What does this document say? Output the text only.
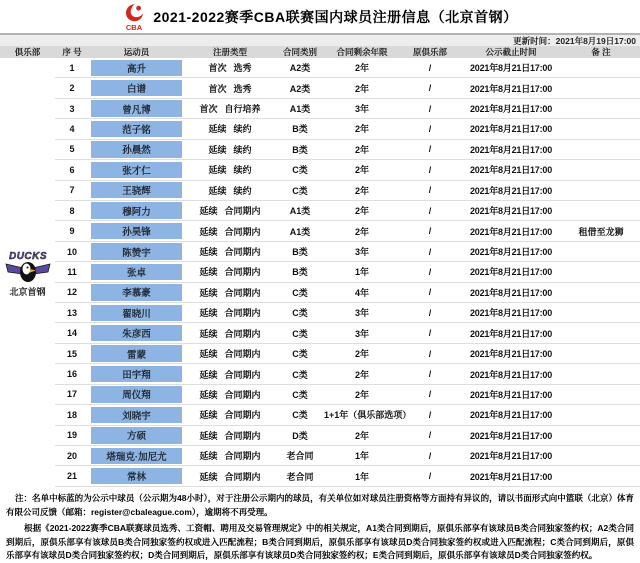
CBA
2021-2022赛季CBA联赛国内球员注册信息（北京首钢）
更新时间：2021年8月19日17:00
俱乐部	序 号	运动员	注册类型	合同类别	合同剩余年限	原俱乐部	公示截止时间	备 注
DUCKS
北京首钢
1	高升	首次 选秀	A2类	2年	/	2021年8月21日17:00
2	白谱	首次 选秀	A2类	2年	/	2021年8月21日17:00
3	曾凡博	首次 自行培养	A1类	3年	/	2021年8月21日17:00
4	范子铭	延续 续约	B类	2年	/	2021年8月21日17:00
5	孙晨然	延续 续约	B类	2年	/	2021年8月21日17:00
6	张才仁	延续 续约	C类	2年	/	2021年8月21日17:00
7	王骁辉	延续 续约	C类	2年	/	2021年8月21日17:00
8	穆阿力	延续 合同期内	A1类	2年	/	2021年8月21日17:00
9	孙昊锋	延续 合同期内	A1类	2年	/	2021年8月21日17:00	租借至龙狮
10	陈赞宇	延续 合同期内	B类	3年	/	2021年8月21日17:00
11	张卓	延续 合同期内	B类	1年	/	2021年8月21日17:00
12	李慕豪	延续 合同期内	C类	4年	/	2021年8月21日17:00
13	翟晓川	延续 合同期内	C类	3年	/	2021年8月21日17:00
14	朱彦西	延续 合同期内	C类	3年	/	2021年8月21日17:00
15	雷蒙	延续 合同期内	C类	2年	/	2021年8月21日17:00
16	田宇翔	延续 合同期内	C类	2年	/	2021年8月21日17:00
17	周仪翔	延续 合同期内	C类	2年	/	2021年8月21日17:00
18	刘晓宇	延续 合同期内	C类	1+1年（俱乐部选项）	/	2021年8月21日17:00
19	方硕	延续 合同期内	D类	2年	/	2021年8月21日17:00
20	塔瑞克·加尼尤	延续 合同期内	老合同	1年	/	2021年8月21日17:00
21	常林	延续 合同期内	老合同	1年	/	2021年8月21日17:00

注：名单中标蓝的为公示中球员（公示期为48小时），对于注册公示期内的球员，有关单位如对球员注册资格等方面持有异议的，请以书面形式向中篮联（北京）体育有限公司反馈（邮箱：register@cbaleague.com），逾期将不再受理。

根据《2021-2022赛季CBA联赛球员选秀、工资帽、聘用及交易管理规定》中的相关规定，A1类合同到期后，原俱乐部享有该球员B类合同独家签约权；A2类合同到期后，原俱乐部享有该球员B类合同独家签约权或进入匹配流程；B类合同到期后，原俱乐部享有该球员D类合同独家签约权或进入匹配流程；C类合同到期后，原俱乐部享有该球员D类合同独家签约权；D类合同到期后，原俱乐部享有该球员D类合同独家签约权；E类合同到期后，原俱乐部享有该球员D类合同独家签约权。
